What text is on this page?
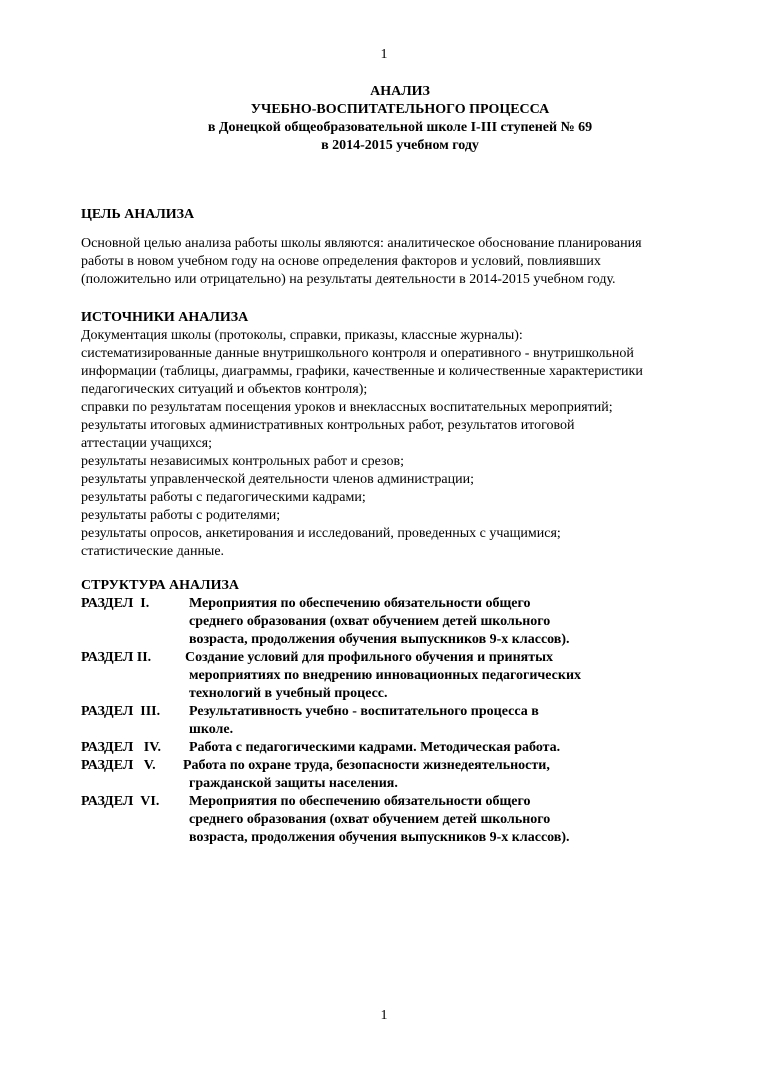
1
АНАЛИЗ
УЧЕБНО-ВОСПИТАТЕЛЬНОГО ПРОЦЕССА
в Донецкой общеобразовательной школе I-III ступеней № 69
в 2014-2015 учебном году
ЦЕЛЬ АНАЛИЗА
Основной целью анализа работы школы являются: аналитическое обоснование планирования
работы в новом учебном году на основе определения факторов и условий, повлиявших
(положительно или отрицательно) на результаты деятельности в 2014-2015 учебном году.
ИСТОЧНИКИ АНАЛИЗА
Документация школы (протоколы, справки, приказы, классные журналы):
систематизированные данные внутришкольного контроля и оперативного - внутришкольной
информации (таблицы, диаграммы, графики, качественные и количественные характеристики
педагогических ситуаций и объектов контроля);
справки по результатам посещения уроков и внеклассных воспитательных мероприятий;
результаты итоговых административных контрольных работ, результатов итоговой
аттестации учащихся;
результаты независимых контрольных работ и срезов;
результаты управленческой деятельности членов администрации;
результаты работы с педагогическими кадрами;
результаты работы с родителями;
результаты опросов, анкетирования и исследований, проведенных с учащимися;
статистические данные.
СТРУКТУРА АНАЛИЗА
РАЗДЕЛ  I.	Мероприятия по обеспечению обязательности общего
среднего образования (охват обучением детей школьного
возраста, продолжения обучения выпускников 9-х классов).
РАЗДЕЛ II.	Создание условий для профильного обучения и принятых
мероприятиях по внедрению инновационных педагогических
технологий в учебный процесс.
РАЗДЕЛ  III.	Результативность учебно - воспитательного процесса в
школе.
РАЗДЕЛ   IV.	Работа с педагогическими кадрами. Методическая работа.
РАЗДЕЛ   V.	Работа по охране труда, безопасности жизнедеятельности,
гражданской защиты населения.
РАЗДЕЛ  VI.	Мероприятия по обеспечению обязательности общего
среднего образования (охват обучением детей школьного
возраста, продолжения обучения выпускников 9-х классов).
1
